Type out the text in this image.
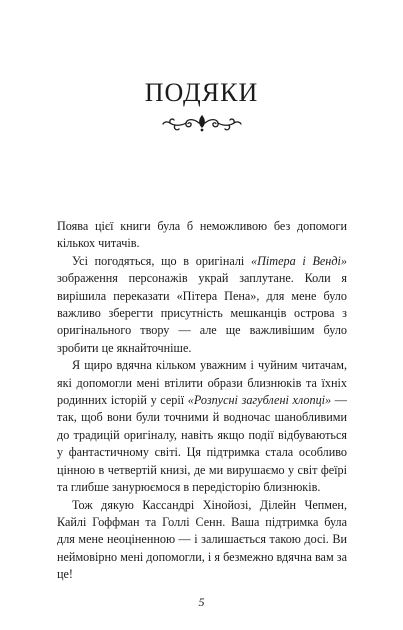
ПОДЯКИ

Поява цієї книги була б неможливою без допомоги кількох читачів.

Усі погодяться, що в оригіналі «Пітера і Венді» зображення персонажів украй заплутане. Коли я вирішила переказати «Пітера Пена», для мене було важливо зберегти присутність мешканців острова з оригінального твору — але ще важливішим було зробити це якнайточніше.

Я щиро вдячна кільком уважним і чуйним читачам, які допомогли мені втілити образи близнюків та їхніх родинних історій у серії «Розпусні загублені хлопці» — так, щоб вони були точними й водночас шанобливими до традицій оригіналу, навіть якщо події відбуваються у фантастичному світі. Ця підтримка стала особливо цінною в четвертій книзі, де ми вирушаємо у світ феїрі та глибше занурюємося в передісторію близнюків.

Тож дякую Кассандрі Хінойозі, Ділейн Чепмен, Кайлі Гоффман та Голлі Сенн. Ваша підтримка була для мене неоціненною — і залишається такою досі. Ви неймовірно мені допомогли, і я безмежно вдячна вам за це!

5
